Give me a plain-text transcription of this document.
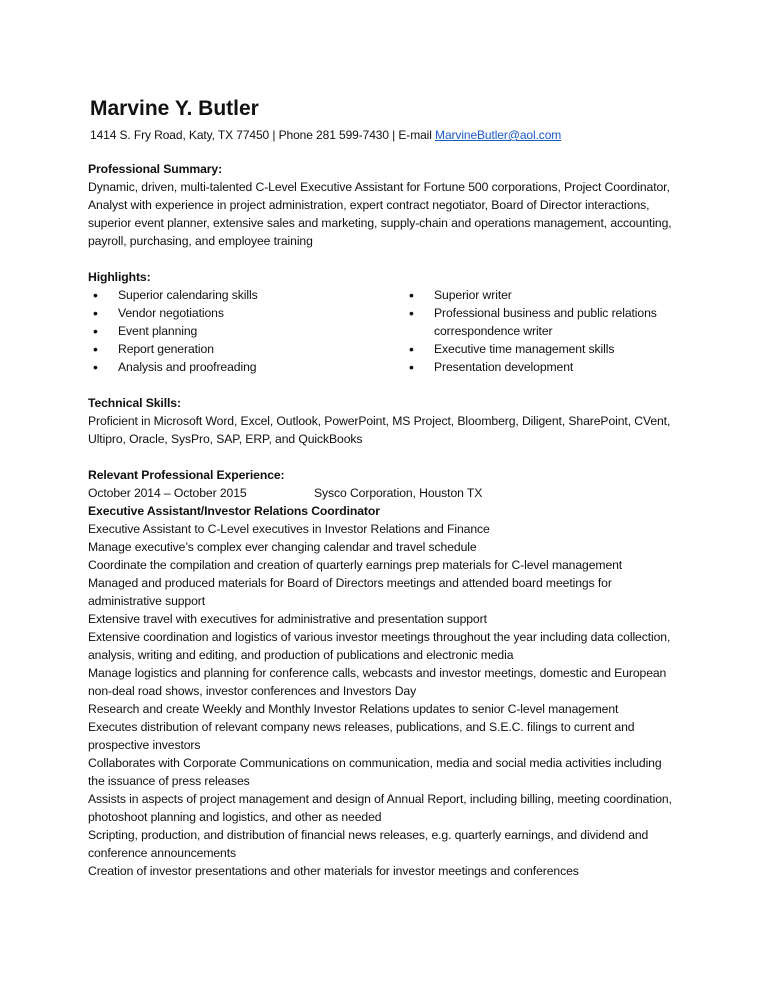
Marvine Y. Butler
1414 S. Fry Road, Katy, TX 77450 | Phone 281 599-7430 | E-mail MarvineButler@aol.com
Professional Summary:
Dynamic, driven, multi-talented C-Level Executive Assistant for Fortune 500 corporations, Project Coordinator, Analyst with experience in project administration, expert contract negotiator, Board of Director interactions, superior event planner, extensive sales and marketing, supply-chain and operations management, accounting, payroll, purchasing, and employee training
Highlights:
• Superior calendaring skills
• Vendor negotiations
• Event planning
• Report generation
• Analysis and proofreading
• Superior writer
• Professional business and public relations correspondence writer
• Executive time management skills
• Presentation development
Technical Skills:
Proficient in Microsoft Word, Excel, Outlook, PowerPoint, MS Project, Bloomberg, Diligent, SharePoint, CVent, Ultipro, Oracle, SysPro, SAP, ERP, and QuickBooks
Relevant Professional Experience:
October 2014 – October 2015	Sysco Corporation, Houston TX
Executive Assistant/Investor Relations Coordinator
Executive Assistant to C-Level executives in Investor Relations and Finance
Manage executive’s complex ever changing calendar and travel schedule
Coordinate the compilation and creation of quarterly earnings prep materials for C-level management
Managed and produced materials for Board of Directors meetings and attended board meetings for administrative support
Extensive travel with executives for administrative and presentation support
Extensive coordination and logistics of various investor meetings throughout the year including data collection, analysis, writing and editing, and production of publications and electronic media
Manage logistics and planning for conference calls, webcasts and investor meetings, domestic and European non-deal road shows, investor conferences and Investors Day
Research and create Weekly and Monthly Investor Relations updates to senior C-level management
Executes distribution of relevant company news releases, publications, and S.E.C. filings to current and prospective investors
Collaborates with Corporate Communications on communication, media and social media activities including the issuance of press releases
Assists in aspects of project management and design of Annual Report, including billing, meeting coordination, photoshoot planning and logistics, and other as needed
Scripting, production, and distribution of financial news releases, e.g. quarterly earnings, and dividend and conference announcements
Creation of investor presentations and other materials for investor meetings and conferences
